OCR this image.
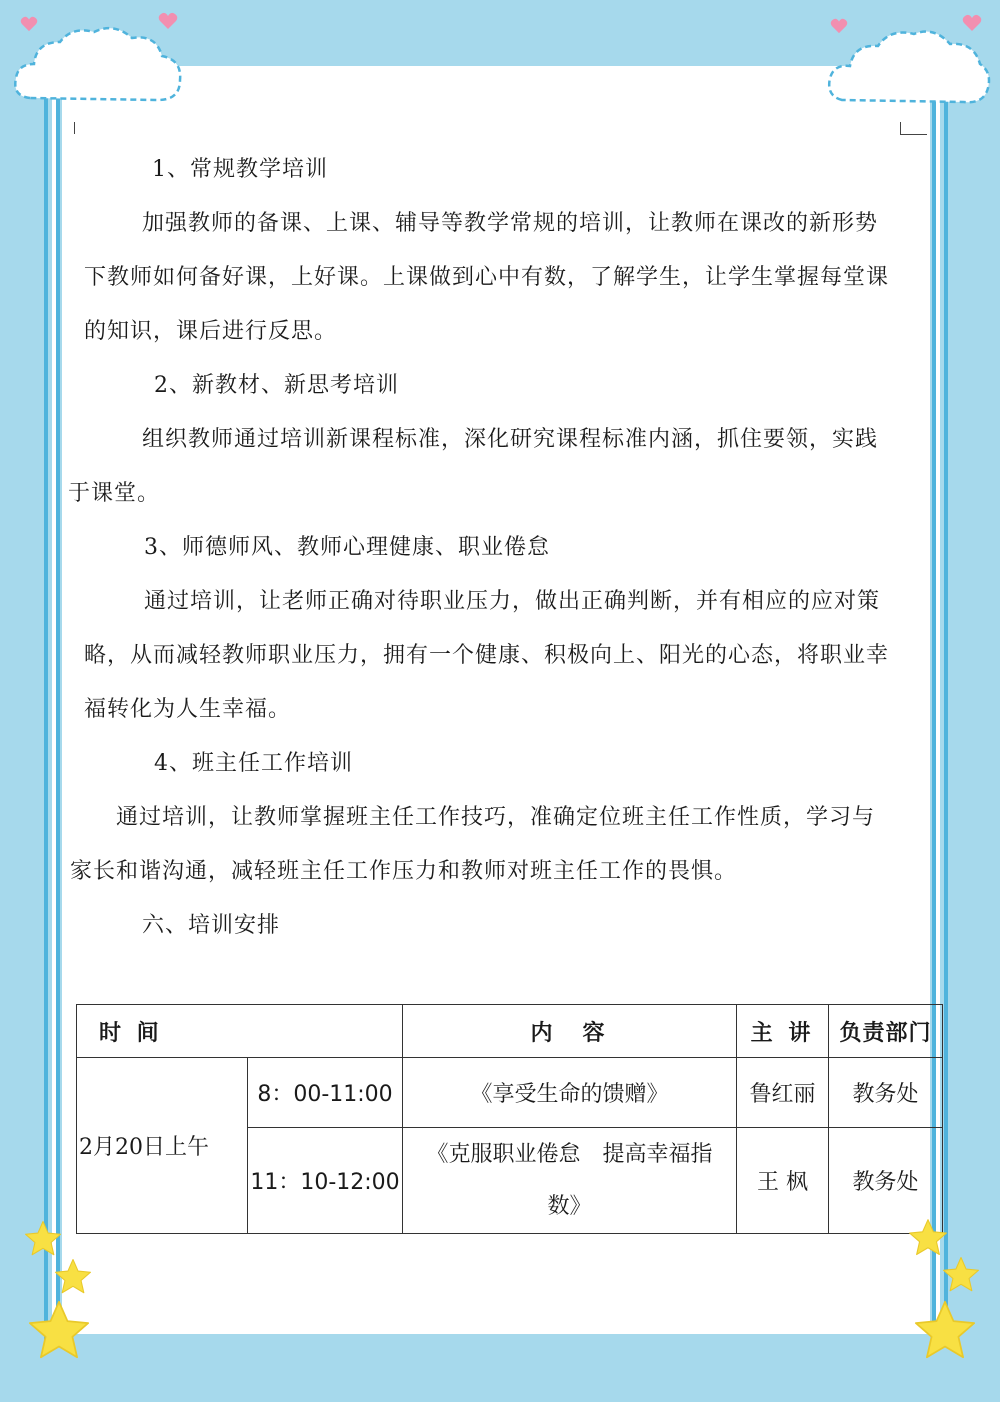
1、常规教学培训

加强教师的备课、上课、辅导等教学常规的培训，让教师在课改的新形势

下教师如何备好课，上好课。上课做到心中有数，了解学生，让学生掌握每堂课

的知识，课后进行反思。

2、新教材、新思考培训

组织教师通过培训新课程标准，深化研究课程标准内涵，抓住要领，实践

于课堂。

3、师德师风、教师心理健康、职业倦怠

通过培训，让老师正确对待职业压力，做出正确判断，并有相应的应对策

略，从而减轻教师职业压力，拥有一个健康、积极向上、阳光的心态，将职业幸

福转化为人生幸福。

4、班主任工作培训

通过培训，让教师掌握班主任工作技巧，准确定位班主任工作性质，学习与

家长和谐沟通，减轻班主任工作压力和教师对班主任工作的畏惧。

六、培训安排

时 间		内　容	主 讲	负责部门
2月20日上午	8：00-11:00	《享受生命的馈赠》	鲁红丽	教务处
	11：10-12:00	《克服职业倦怠　提高幸福指
数》	王 枫	教务处
